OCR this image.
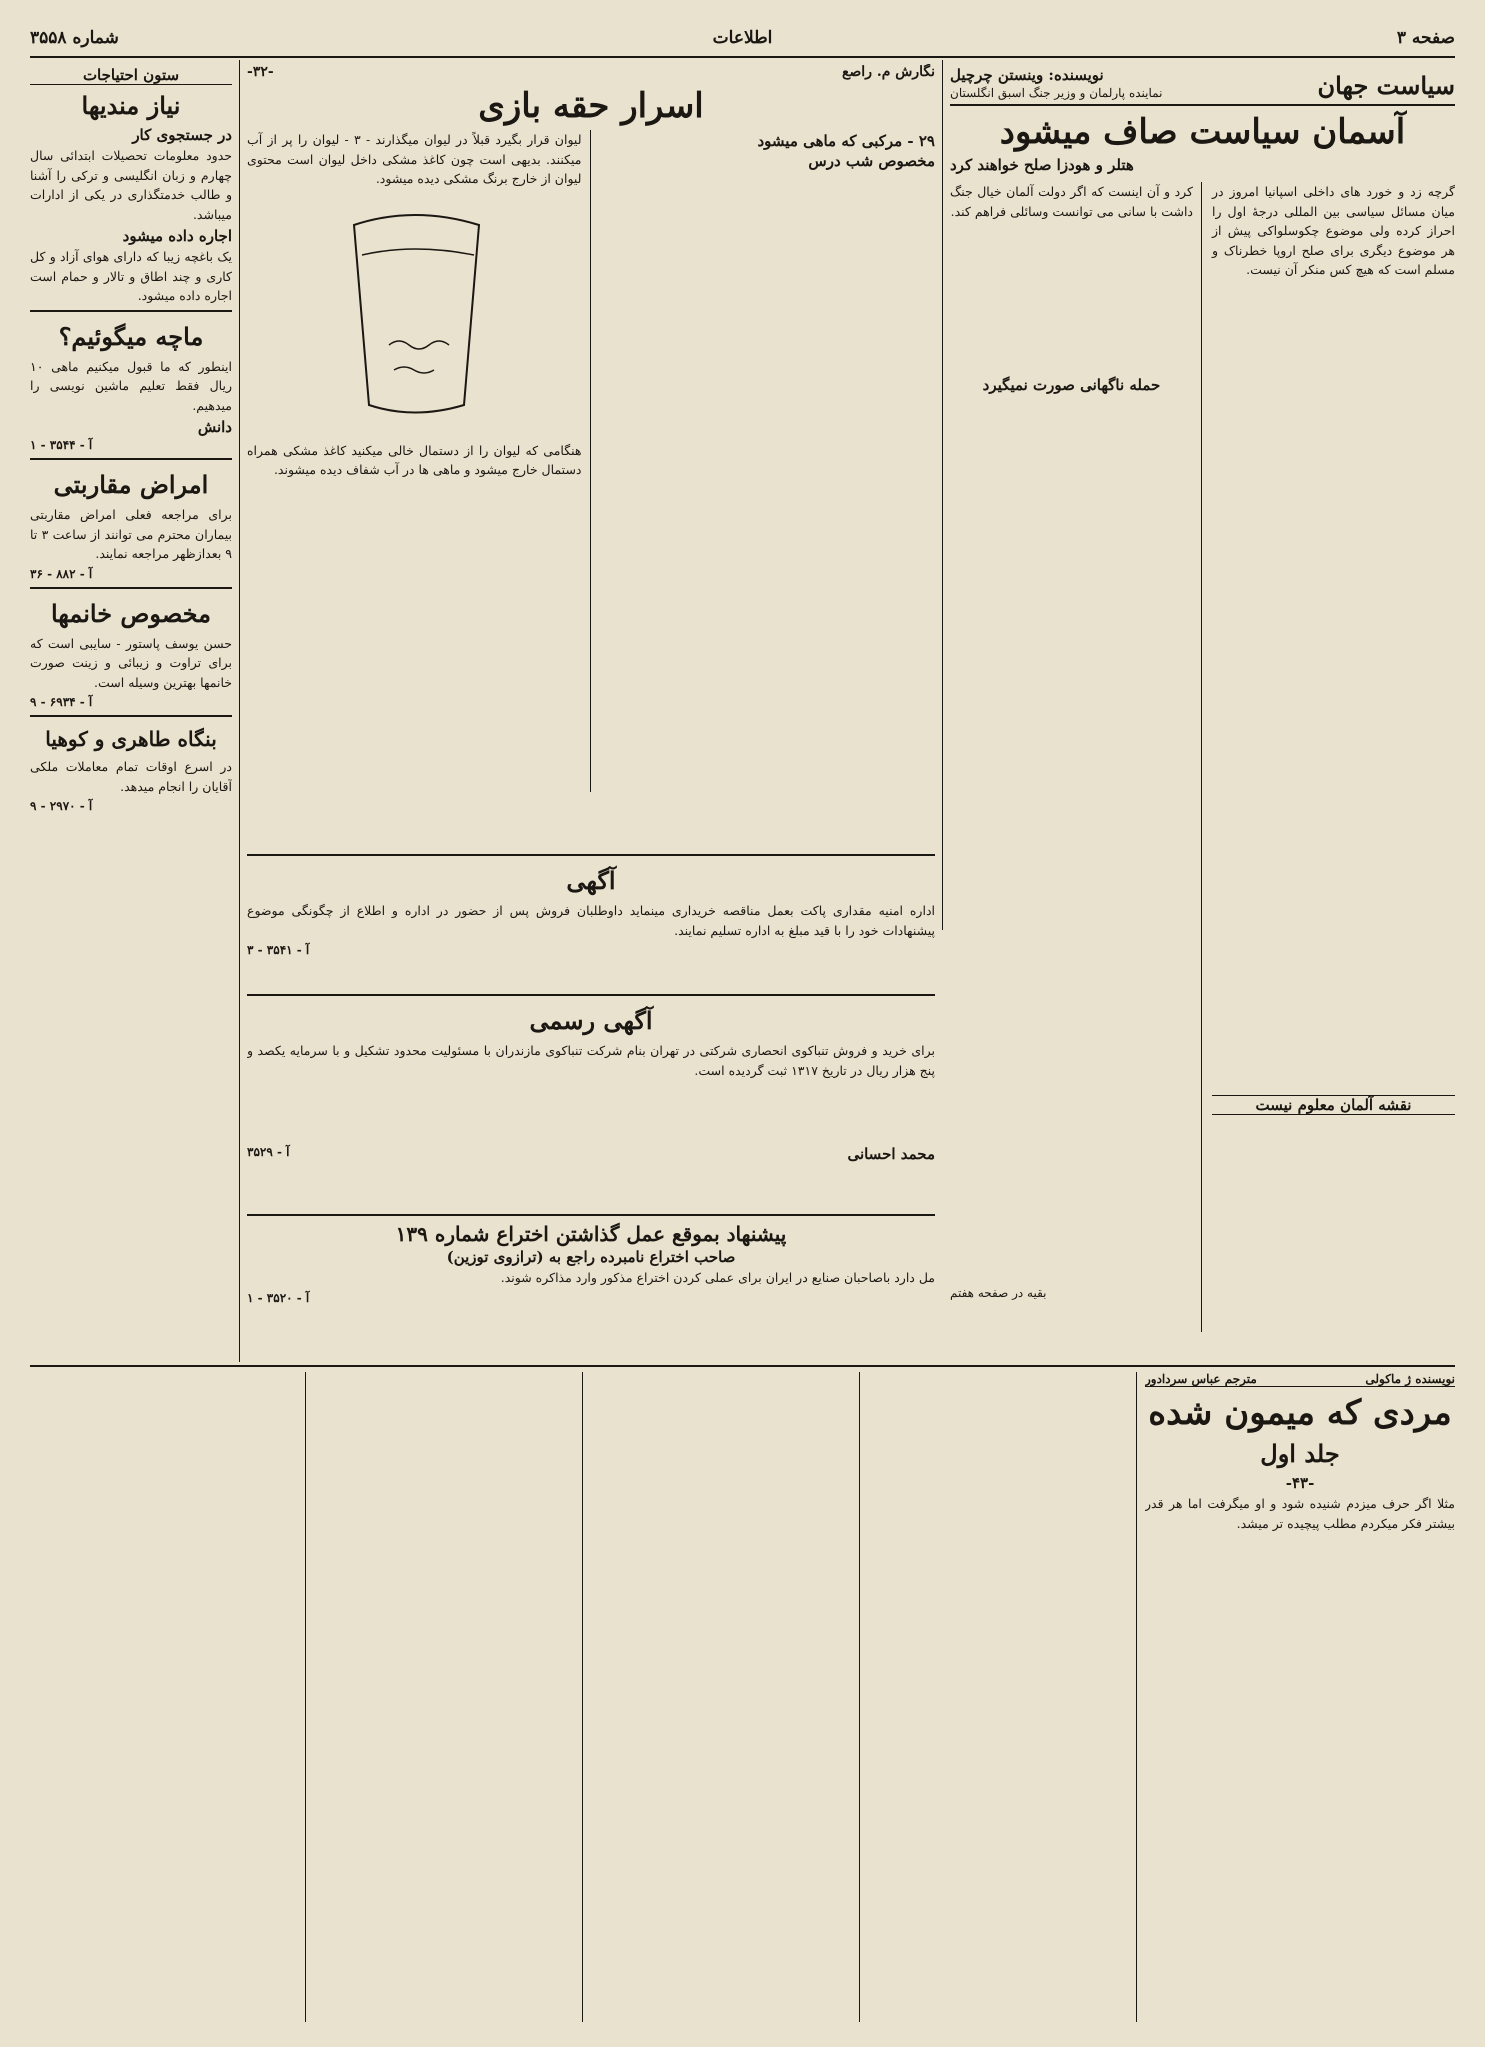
صفحه ۳
اطلاعات
شماره ۳۵۵۸
سیاست جهان
نویسنده: وینستن چرچیل
نماینده پارلمان و وزیر جنگ اسبق انگلستان
آسمان سیاست صاف میشود
هتلر و هودزا صلح خواهند کرد

گرچه زد و خورد های داخلی اسپانیا امروز در میان مسائل سیاسی بین المللی درجهٔ اول را احراز کرده ولی موضوع چکوسلواکی پیش از هر موضوع دیگری برای صلح اروپا خطرناک و مسلم است که هیچ کس منکر آن نیست.

نقشه آلمان معلوم نیست

کرد و آن اینست که اگر دولت آلمان خیال جنگ داشت با سانی می توانست وسائلی فراهم کند.

حمله ناگهانی صورت نمیگیرد
بقیه در صفحه هفتم
نگارش م. راصع
-۳۲-
اسرار حقه بازی
۲۹ - مرکبی که ماهی میشود
مخصوص شب درس

لیوان قرار بگیرد قبلاً در لیوان میگذارند - ۳ - لیوان را پر از آب میکنند. بدیهی است چون کاغذ مشکی داخل لیوان است محتوی لیوان از خارج برنگ مشکی دیده میشود.

هنگامی که لیوان را از دستمال خالی میکنید کاغذ مشکی همراه دستمال خارج میشود و ماهی ها در آب شفاف دیده میشوند.

آگهی

اداره امنیه مقداری پاکت بعمل مناقصه خریداری مینماید داوطلبان فروش پس از حضور در اداره و اطلاع از چگونگی موضوع پیشنهادات خود را با قید مبلغ به اداره تسلیم نمایند.

آ - ۳۵۴۱ - ۳
آگهی رسمی

برای خرید و فروش تنباکوی انحصاری شرکتی در تهران بنام شرکت تنباکوی مازندران با مسئولیت محدود تشکیل و با سرمایه یکصد و پنج هزار ریال در تاریخ ۱۳۱۷ ثبت گردیده است.

محمد احسانی
آ - ۳۵۲۹
پیشنهاد بموقع عمل گذاشتن اختراع شماره ۱۳۹
صاحب اختراع نامبرده راجع به (ترازوی توزین)

مل دارد باصاحبان صنایع در ایران برای عملی کردن اختراع مذکور وارد مذاکره شوند.

آ - ۳۵۲۰ - ۱
ستون احتیاجات
نیاز مندیها
در جستجوی کار

حدود معلومات تحصیلات ابتدائی سال چهارم و زبان انگلیسی و ترکی را آشنا و طالب خدمتگذاری در یکی از ادارات میباشد.

اجاره داده میشود

یک باغچه زیبا که دارای هوای آزاد و کل کاری و چند اطاق و تالار و حمام است اجاره داده میشود.

ماچه میگوئیم؟

اینطور که ما قبول میکنیم ماهی ۱۰ ریال فقط تعلیم ماشین نویسی را میدهیم.

دانش
آ - ۳۵۴۴ - ۱
امراض مقاربتی

برای مراجعه فعلی امراض مقاربتی بیماران محترم می توانند از ساعت ۳ تا ۹ بعدازظهر مراجعه نمایند.

آ - ۸۸۲ - ۳۶
مخصوص خانمها

حسن یوسف پاستور - سایبی است که برای تراوت و زیبائی و زینت صورت خانمها بهترین وسیله است.

آ - ۶۹۳۴ - ۹
بنگاه طاهری و کوهیا

در اسرع اوقات تمام معاملات ملکی آقایان را انجام میدهد.

آ - ۲۹۷۰ - ۹
نویسنده ژ ماکولی
مترجم عباس سردادور
مردی که میمون شده
جلد اول
-۴۳-

مثلا اگر حرف میزدم شنیده شود و او میگرفت اما هر قدر بیشتر فکر میکردم مطلب پیچیده تر میشد.
